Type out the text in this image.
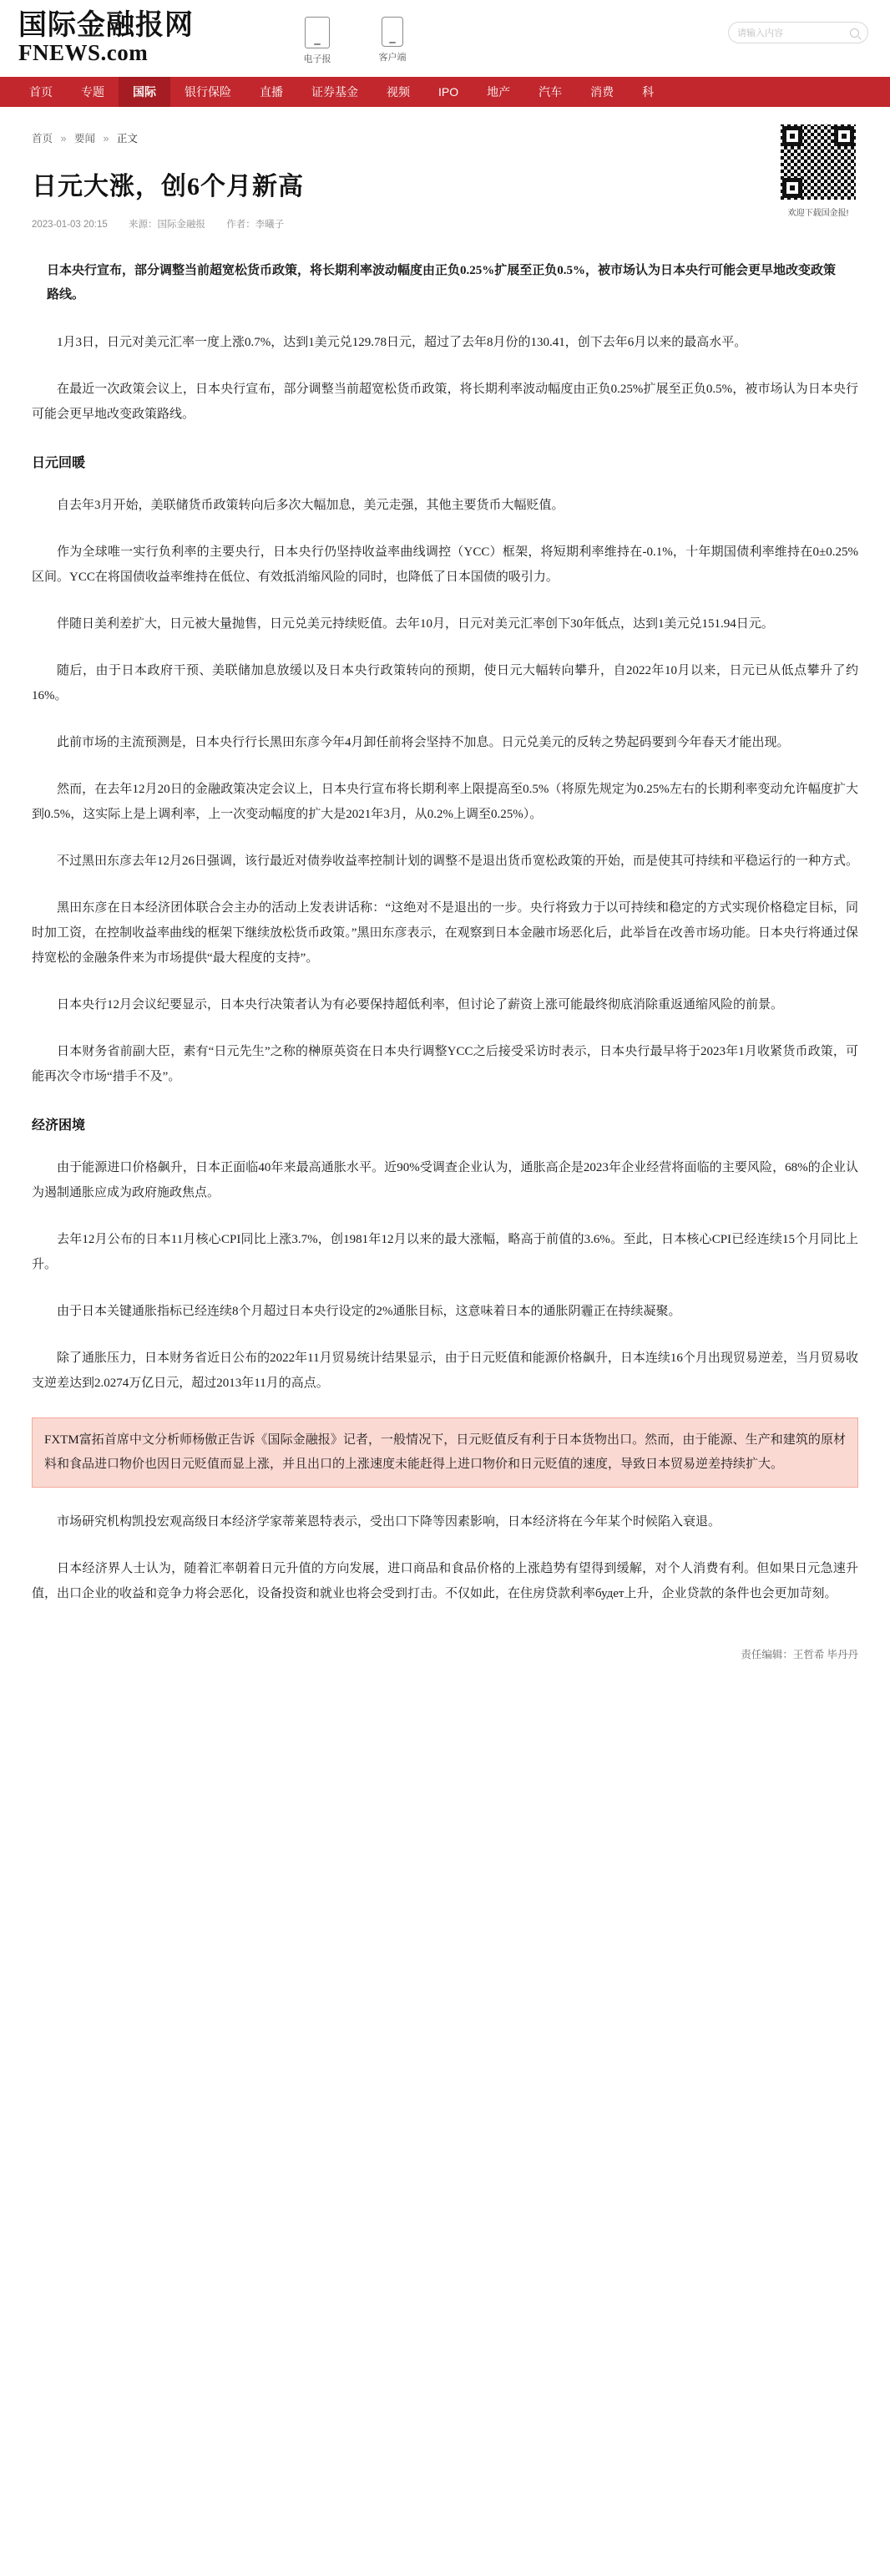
国际金融报网
FNEWS.com	电子报	客户端
请输入内容
首页	专题	国际	银行保险	直播	证券基金	视频	IPO	地产	汽车	消费	科
欢迎下载国金报!
首页 » 要闻 » 正文
日元大涨，创6个月新高
2023-01-03 20:15 来源：国际金融报 作者：李曦子
日本央行宣布，部分调整当前超宽松货币政策，将长期利率波动幅度由正负0.25%扩展至正负0.5%，被市场认为日本央行可能会更早地改变政策路线。

1月3日，日元对美元汇率一度上涨0.7%，达到1美元兑129.78日元，超过了去年8月份的130.41，创下去年6月以来的最高水平。

在最近一次政策会议上，日本央行宣布，部分调整当前超宽松货币政策，将长期利率波动幅度由正负0.25%扩展至正负0.5%，被市场认为日本央行可能会更早地改变政策路线。

日元回暖

自去年3月开始，美联储货币政策转向后多次大幅加息，美元走强，其他主要货币大幅贬值。

作为全球唯一实行负利率的主要央行，日本央行仍坚持收益率曲线调控（YCC）框架，将短期利率维持在-0.1%，十年期国债利率维持在0±0.25%区间。YCC在将国债收益率维持在低位、有效抵消缩风险的同时，也降低了日本国债的吸引力。

伴随日美利差扩大，日元被大量抛售，日元兑美元持续贬值。去年10月，日元对美元汇率创下30年低点，达到1美元兑151.94日元。

随后，由于日本政府干预、美联储加息放缓以及日本央行政策转向的预期，使日元大幅转向攀升，自2022年10月以来，日元已从低点攀升了约16%。

此前市场的主流预测是，日本央行行长黑田东彦今年4月卸任前将会坚持不加息。日元兑美元的反转之势起码要到今年春天才能出现。

然而，在去年12月20日的金融政策决定会议上，日本央行宣布将长期利率上限提高至0.5%（将原先规定为0.25%左右的长期利率变动允许幅度扩大到0.5%，这实际上是上调利率，上一次变动幅度的扩大是2021年3月，从0.2%上调至0.25%）。

不过黑田东彦去年12月26日强调，该行最近对债券收益率控制计划的调整不是退出货币宽松政策的开始，而是使其可持续和平稳运行的一种方式。

黑田东彦在日本经济团体联合会主办的活动上发表讲话称：“这绝对不是退出的一步。央行将致力于以可持续和稳定的方式实现价格稳定目标，同时加工资，在控制收益率曲线的框架下继续放松货币政策。”黑田东彦表示，在观察到日本金融市场恶化后，此举旨在改善市场功能。日本央行将通过保持宽松的金融条件来为市场提供“最大程度的支持”。

日本央行12月会议纪要显示，日本央行决策者认为有必要保持超低利率，但讨论了薪资上涨可能最终彻底消除重返通缩风险的前景。

日本财务省前副大臣，素有“日元先生”之称的榊原英资在日本央行调整YCC之后接受采访时表示，日本央行最早将于2023年1月收紧货币政策，可能再次令市场“措手不及”。

经济困境

由于能源进口价格飙升，日本正面临40年来最高通胀水平。近90%受调查企业认为，通胀高企是2023年企业经营将面临的主要风险，68%的企业认为遏制通胀应成为政府施政焦点。

去年12月公布的日本11月核心CPI同比上涨3.7%，创1981年12月以来的最大涨幅，略高于前值的3.6%。至此，日本核心CPI已经连续15个月同比上升。

由于日本关键通胀指标已经连续8个月超过日本央行设定的2%通胀目标，这意味着日本的通胀阴霾正在持续凝聚。

除了通胀压力，日本财务省近日公布的2022年11月贸易统计结果显示，由于日元贬值和能源价格飙升，日本连续16个月出现贸易逆差，当月贸易收支逆差达到2.0274万亿日元，超过2013年11月的高点。

FXTM富拓首席中文分析师杨傲正告诉《国际金融报》记者，一般情况下，日元贬值反有利于日本货物出口。然而，由于能源、生产和建筑的原材料和食品进口物价也因日元贬值而显上涨，并且出口的上涨速度未能赶得上进口物价和日元贬值的速度，导致日本贸易逆差持续扩大。

市场研究机构凯投宏观高级日本经济学家蒂莱恩特表示，受出口下降等因素影响，日本经济将在今年某个时候陷入衰退。

日本经济界人士认为，随着汇率朝着日元升值的方向发展，进口商品和食品价格的上涨趋势有望得到缓解，对个人消费有利。但如果日元急速升值，出口企业的收益和竞争力将会恶化，设备投资和就业也将会受到打击。不仅如此，在住房贷款利率будет上升，企业贷款的条件也会更加苛刻。

责任编辑：王哲希 毕丹丹
